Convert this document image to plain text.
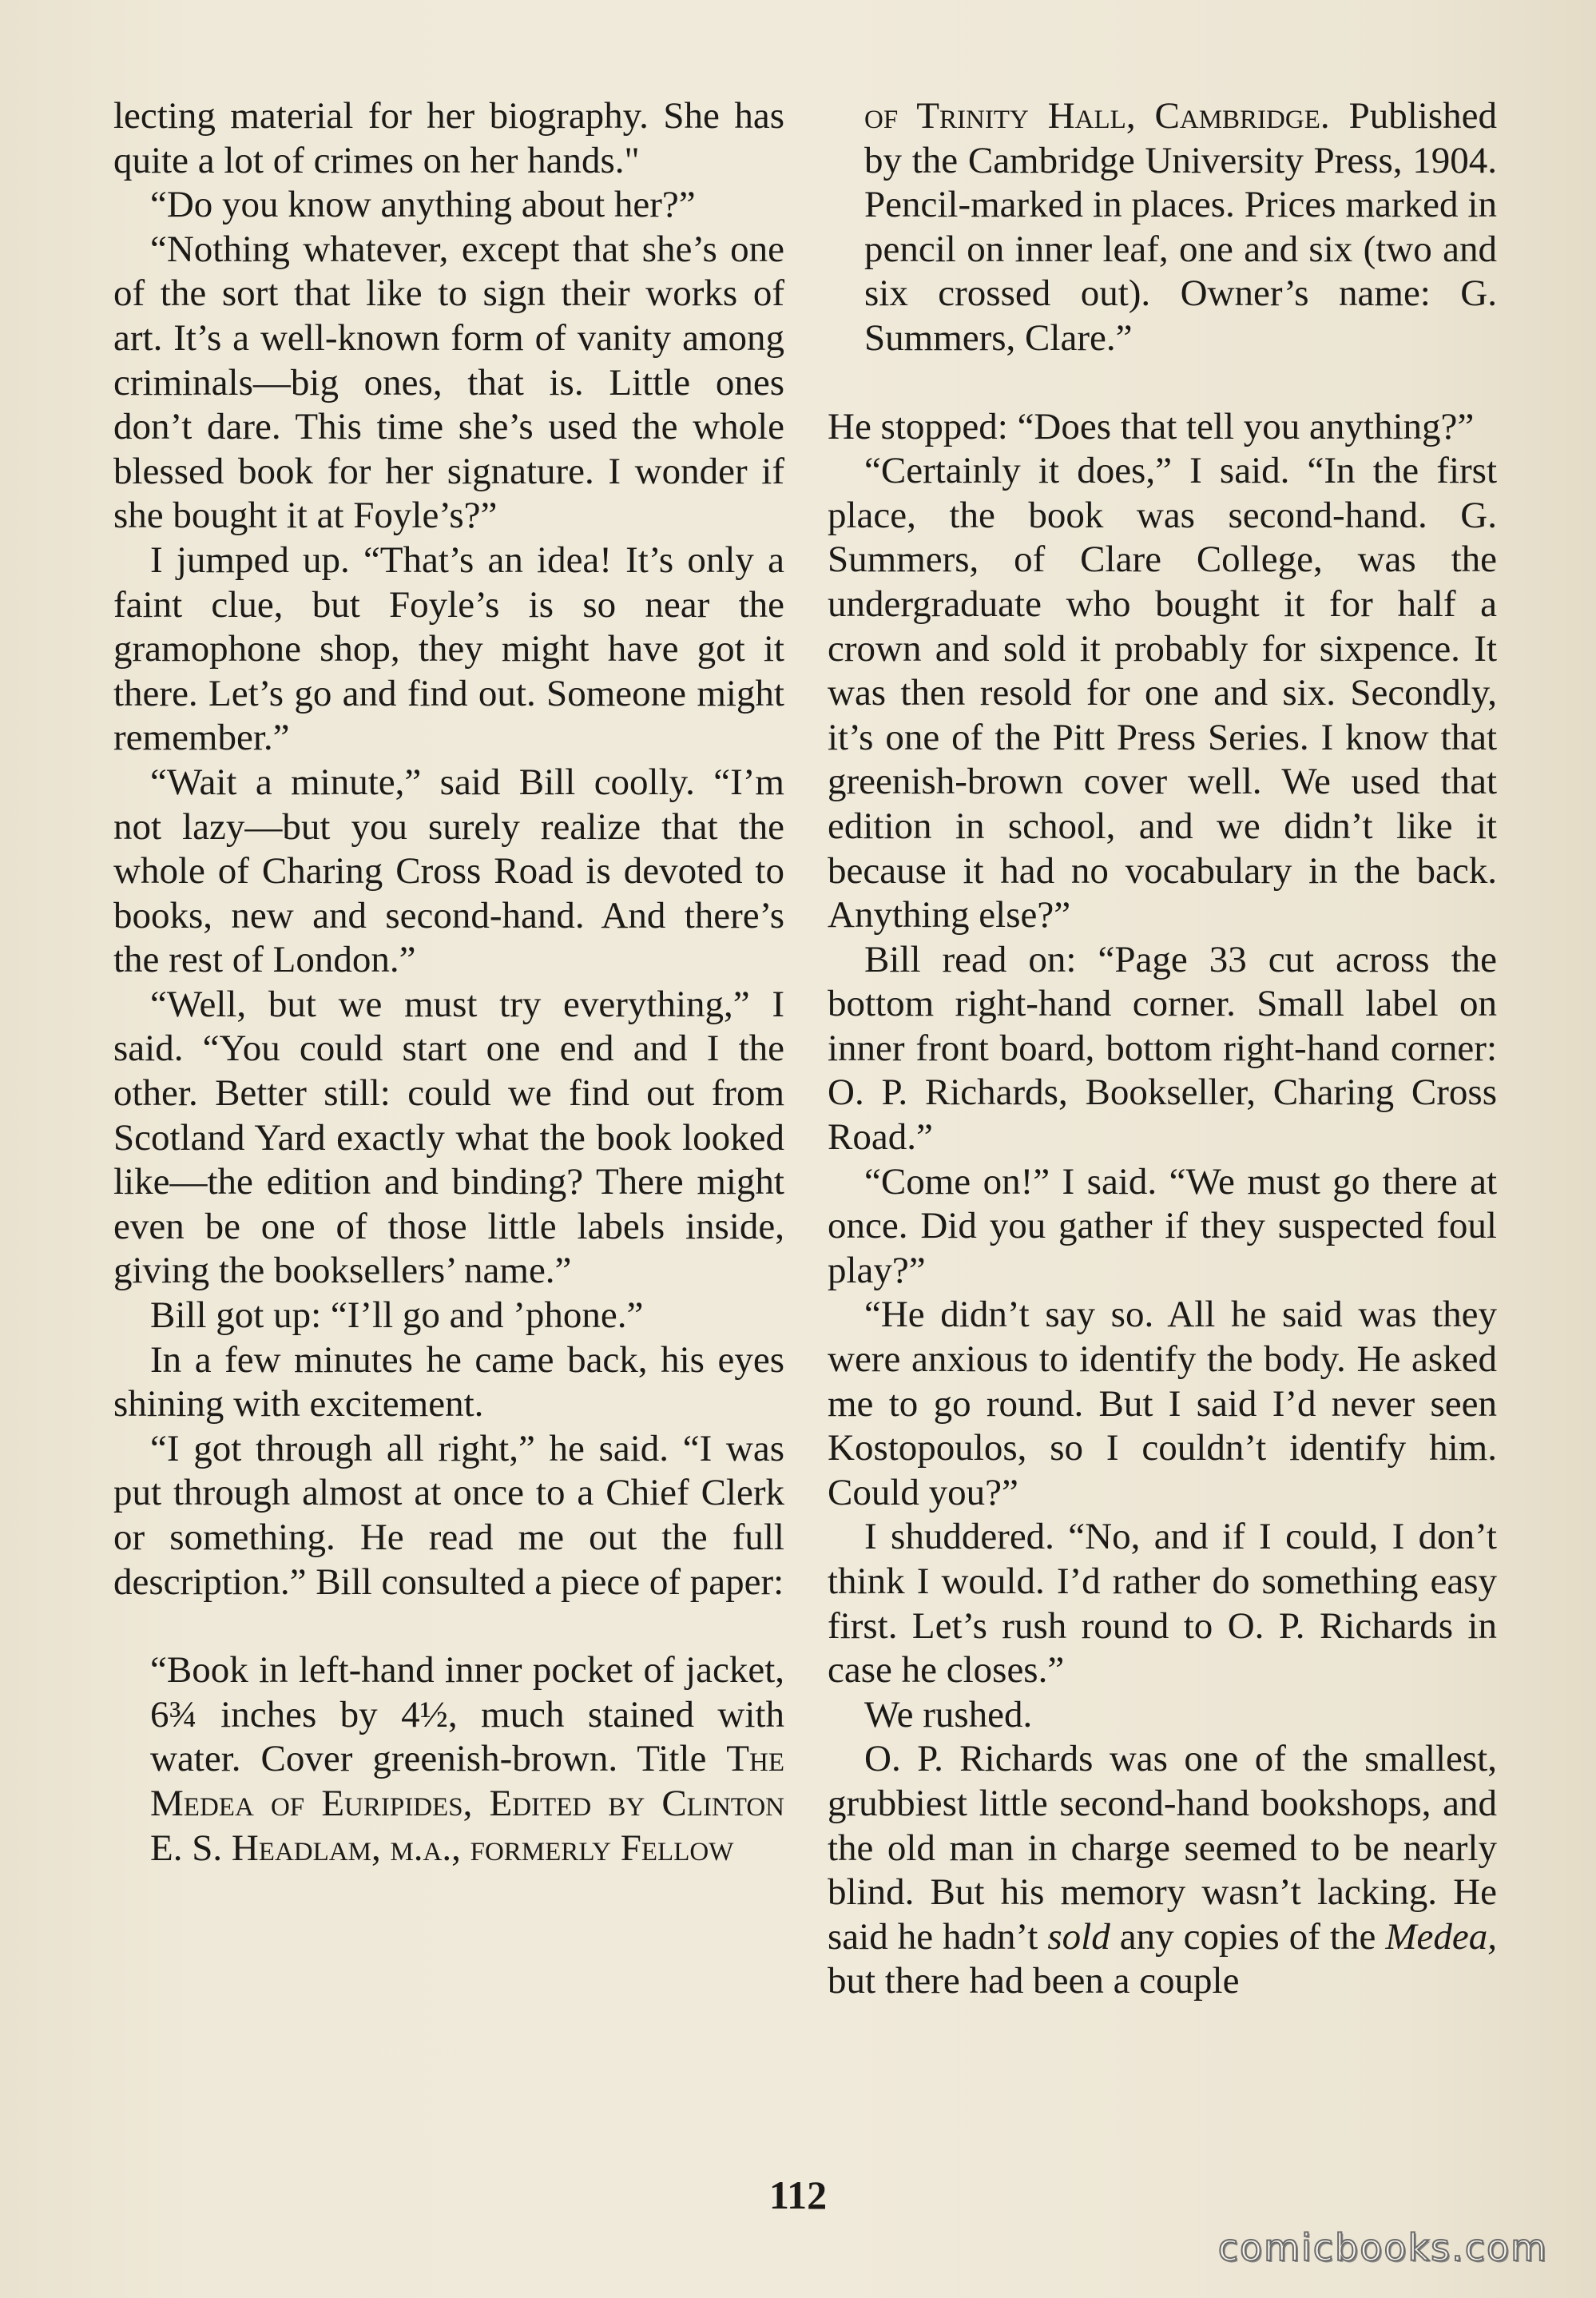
lecting material for her biography. She has quite a lot of crimes on her hands."

“Do you know anything about her?”

“Nothing whatever, except that she’s one of the sort that like to sign their works of art. It’s a well-known form of vanity among criminals—big ones, that is. Little ones don’t dare. This time she’s used the whole blessed book for her signature. I wonder if she bought it at Foyle’s?”

I jumped up. “That’s an idea! It’s only a faint clue, but Foyle’s is so near the gramophone shop, they might have got it there. Let’s go and find out. Someone might remember.”

“Wait a minute,” said Bill coolly. “I’m not lazy—but you surely realize that the whole of Charing Cross Road is devoted to books, new and second-hand. And there’s the rest of London.”

“Well, but we must try everything,” I said. “You could start one end and I the other. Better still: could we find out from Scotland Yard exactly what the book looked like—the edition and binding? There might even be one of those little labels inside, giving the booksellers’ name.”

Bill got up: “I’ll go and ’phone.”

In a few minutes he came back, his eyes shining with excitement.

“I got through all right,” he said. “I was put through almost at once to a Chief Clerk or something. He read me out the full description.” Bill consulted a piece of paper:

“Book in left-hand inner pocket of jacket, 6¾ inches by 4½, much stained with water. Cover greenish-brown. Title The Medea of Euripides, Edited by Clinton E. S. Headlam, m.a., formerly Fellow

of Trinity Hall, Cambridge. Published by the Cambridge University Press, 1904. Pencil-marked in places. Prices marked in pencil on inner leaf, one and six (two and six crossed out). Owner’s name: G. Summers, Clare.”

He stopped: “Does that tell you anything?”

“Certainly it does,” I said. “In the first place, the book was second-hand. G. Summers, of Clare College, was the undergraduate who bought it for half a crown and sold it probably for sixpence. It was then resold for one and six. Secondly, it’s one of the Pitt Press Series. I know that greenish-brown cover well. We used that edition in school, and we didn’t like it because it had no vocabulary in the back. Anything else?”

Bill read on: “Page 33 cut across the bottom right-hand corner. Small label on inner front board, bottom right-hand corner: O. P. Richards, Bookseller, Charing Cross Road.”

“Come on!” I said. “We must go there at once. Did you gather if they suspected foul play?”

“He didn’t say so. All he said was they were anxious to identify the body. He asked me to go round. But I said I’d never seen Kostopoulos, so I couldn’t identify him. Could you?”

I shuddered. “No, and if I could, I don’t think I would. I’d rather do something easy first. Let’s rush round to O. P. Richards in case he closes.”

We rushed.

O. P. Richards was one of the smallest, grubbiest little second-hand bookshops, and the old man in charge seemed to be nearly blind. But his memory wasn’t lacking. He said he hadn’t sold any copies of the Medea, but there had been a couple

112
comicbooks.com
